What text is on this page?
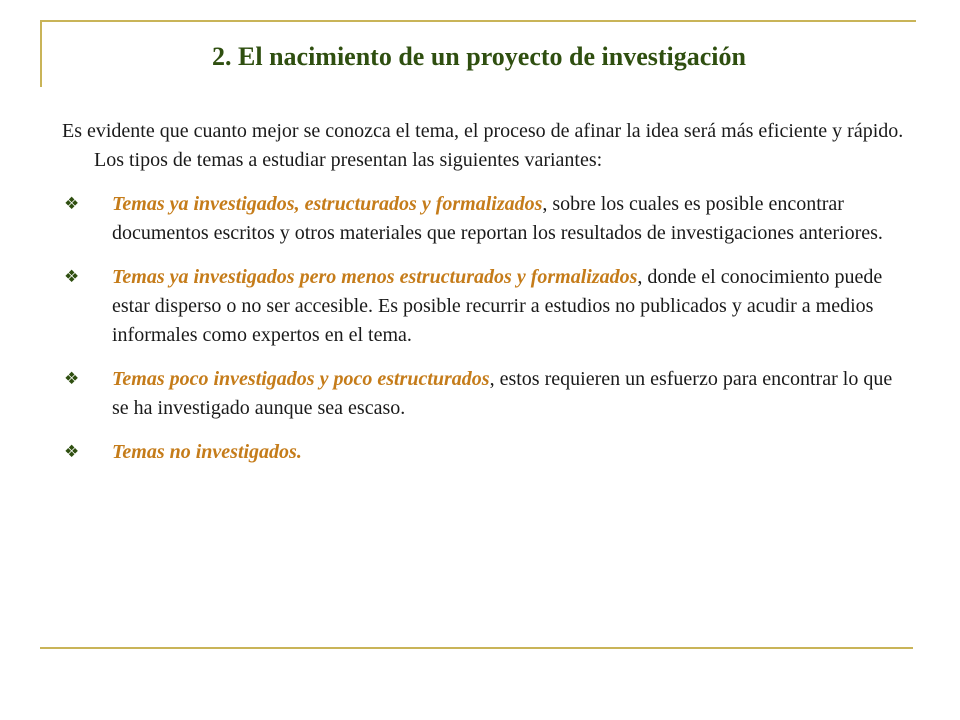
2. El nacimiento de un proyecto de investigación

Es evidente que cuanto mejor se conozca el tema, el proceso de afinar la idea será más eficiente y rápido. Los tipos de temas a estudiar presentan las siguientes variantes:

❖ Temas ya investigados, estructurados y formalizados, sobre los cuales es posible encontrar documentos escritos y otros materiales que reportan los resultados de investigaciones anteriores.
❖ Temas ya investigados pero menos estructurados y formalizados, donde el conocimiento puede estar disperso o no ser accesible. Es posible recurrir a estudios no publicados y acudir a medios informales como expertos en el tema.
❖ Temas poco investigados y poco estructurados, estos requieren un esfuerzo para encontrar lo que se ha investigado aunque sea escaso.
❖ Temas no investigados.
